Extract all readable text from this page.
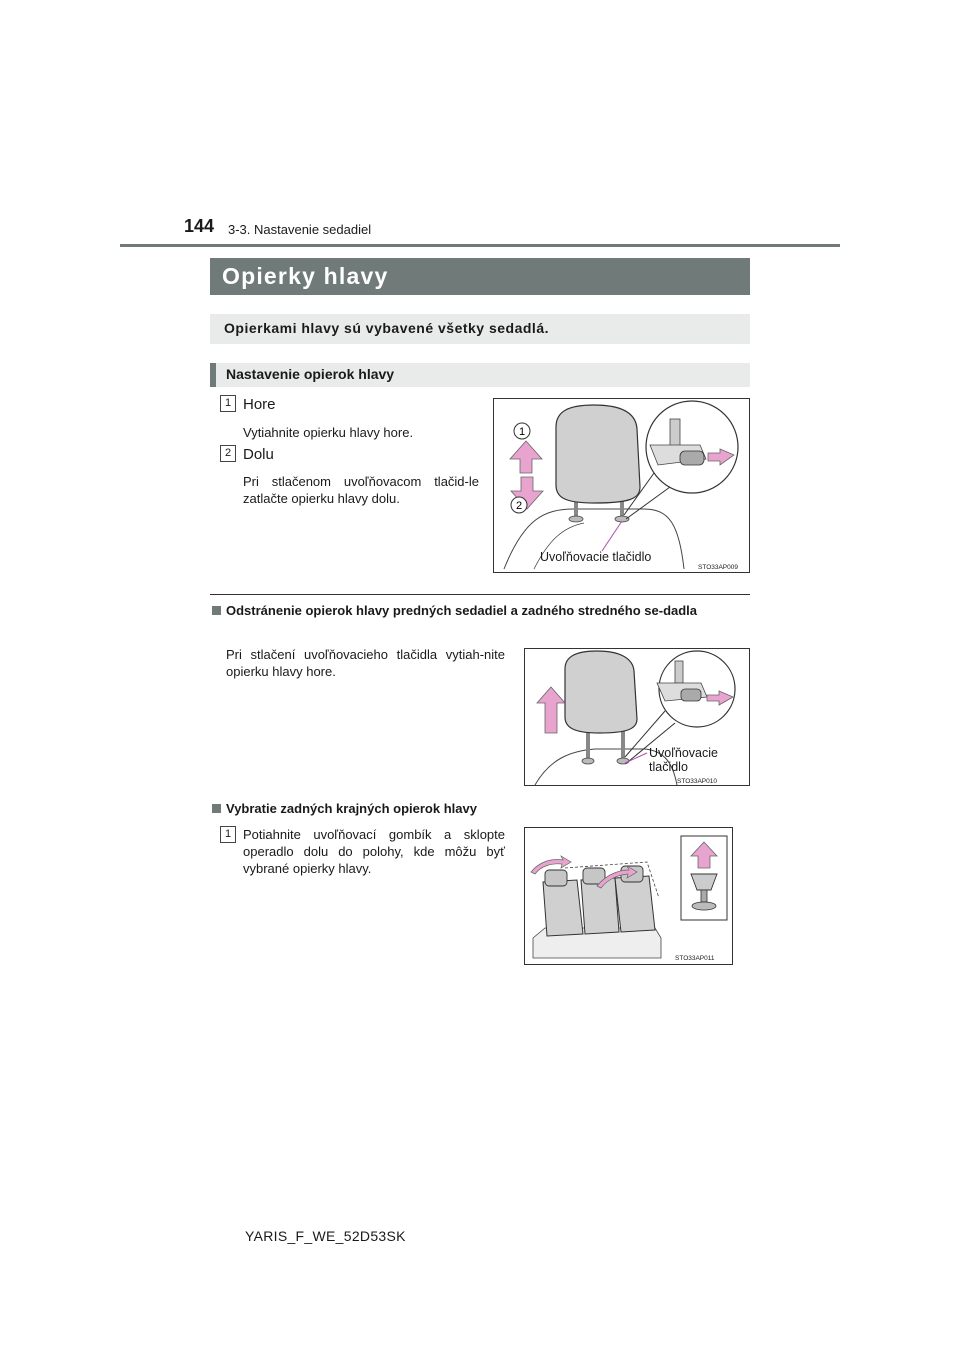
144 3-3. Nastavenie sedadiel
Opierky hlavy
Opierkami hlavy sú vybavené všetky sedadlá.
Nastavenie opierok hlavy
1 Hore
Vytiahnite opierku hlavy hore.
2 Dolu
Pri stlačenom uvoľňovacom tlačid-le zatlačte opierku hlavy dolu.
1
2
Uvoľňovacie tlačidlo
STO33AP009
Odstránenie opierok hlavy predných sedadiel a zadného stredného se-dadla
Pri stlačení uvoľňovacieho tlačidla vytiah-nite opierku hlavy hore.
Uvoľňovacie
tlačidlo
STO33AP010
Vybratie zadných krajných opierok hlavy
1 Potiahnite uvoľňovací gombík a sklopte operadlo dolu do polohy, kde môžu byť vybrané opierky hlavy.
STO33AP011
YARIS_F_WE_52D53SK
